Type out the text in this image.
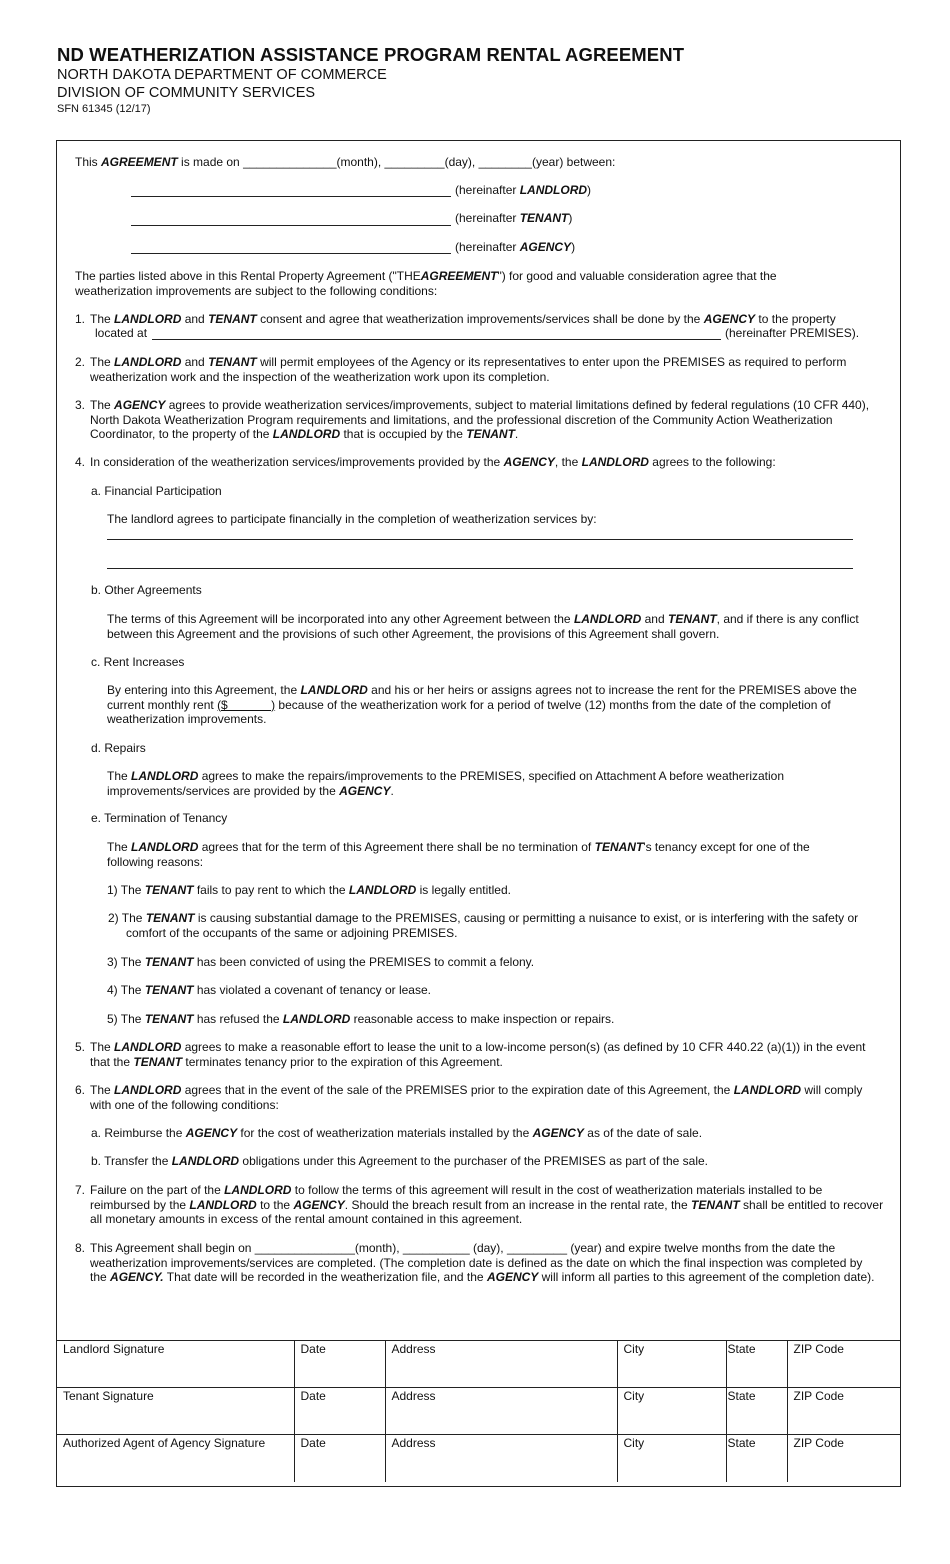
ND WEATHERIZATION ASSISTANCE PROGRAM RENTAL AGREEMENT
NORTH DAKOTA DEPARTMENT OF COMMERCE
DIVISION OF COMMUNITY SERVICES
SFN 61345 (12/17)
This AGREEMENT is made on ______________(month), _________(day), ________(year) between:
(hereinafter LANDLORD)
(hereinafter TENANT)
(hereinafter AGENCY)
The parties listed above in this Rental Property Agreement ("THEAGREEMENT") for good and valuable consideration agree that the weatherization improvements are subject to the following conditions:
1. The LANDLORD and TENANT consent and agree that weatherization improvements/services shall be done by the AGENCY to the property
located at	(hereinafter PREMISES).
2. The LANDLORD and TENANT will permit employees of the Agency or its representatives to enter upon the PREMISES as required to perform weatherization work and the inspection of the weatherization work upon its completion.
3. The AGENCY agrees to provide weatherization services/improvements, subject to material limitations defined by federal regulations (10 CFR 440), North Dakota Weatherization Program requirements and limitations, and the professional discretion of the Community Action Weatherization Coordinator, to the property of the LANDLORD that is occupied by the TENANT.
4. In consideration of the weatherization services/improvements provided by the AGENCY, the LANDLORD agrees to the following:
a. Financial Participation
The landlord agrees to participate financially in the completion of weatherization services by:
b. Other Agreements
The terms of this Agreement will be incorporated into any other Agreement between the LANDLORD and TENANT, and if there is any conflict between this Agreement and the provisions of such other Agreement, the provisions of this Agreement shall govern.
c. Rent Increases
By entering into this Agreement, the LANDLORD and his or her heirs or assigns agrees not to increase the rent for the PREMISES above the current monthly rent ($             ) because of the weatherization work for a period of twelve (12) months from the date of the completion of weatherization improvements.
d. Repairs
The LANDLORD agrees to make the repairs/improvements to the PREMISES, specified on Attachment A before weatherization improvements/services are provided by the AGENCY.
e. Termination of Tenancy
The LANDLORD agrees that for the term of this Agreement there shall be no termination of TENANT's tenancy except for one of the following reasons:
1) The TENANT fails to pay rent to which the LANDLORD is legally entitled.
2) The TENANT is causing substantial damage to the PREMISES, causing or permitting a nuisance to exist, or is interfering with the safety or comfort of the occupants of the same or adjoining PREMISES.
3) The TENANT has been convicted of using the PREMISES to commit a felony.
4) The TENANT has violated a covenant of tenancy or lease.
5) The TENANT has refused the LANDLORD reasonable access to make inspection or repairs.
5. The LANDLORD agrees to make a reasonable effort to lease the unit to a low-income person(s) (as defined by 10 CFR 440.22 (a)(1)) in the event that the TENANT terminates tenancy prior to the expiration of this Agreement.
6. The LANDLORD agrees that in the event of the sale of the PREMISES prior to the expiration date of this Agreement, the LANDLORD will comply with one of the following conditions:
a. Reimburse the AGENCY for the cost of weatherization materials installed by the AGENCY as of the date of sale.
b. Transfer the LANDLORD obligations under this Agreement to the purchaser of the PREMISES as part of the sale.
7. Failure on the part of the LANDLORD to follow the terms of this agreement will result in the cost of weatherization materials installed to be reimbursed by the LANDLORD to the AGENCY. Should the breach result from an increase in the rental rate, the TENANT shall be entitled to recover all monetary amounts in excess of the rental amount contained in this agreement.
8. This Agreement shall begin on _______________(month), __________ (day), _________ (year) and expire twelve months from the date the weatherization improvements/services are completed. (The completion date is defined as the date on which the final inspection was completed by the AGENCY. That date will be recorded in the weatherization file, and the AGENCY will inform all parties to this agreement of the completion date).
Landlord Signature	Date	Address	City	State	ZIP Code
Tenant Signature	Date	Address	City	State	ZIP Code
Authorized Agent of Agency Signature	Date	Address	City	State	ZIP Code
